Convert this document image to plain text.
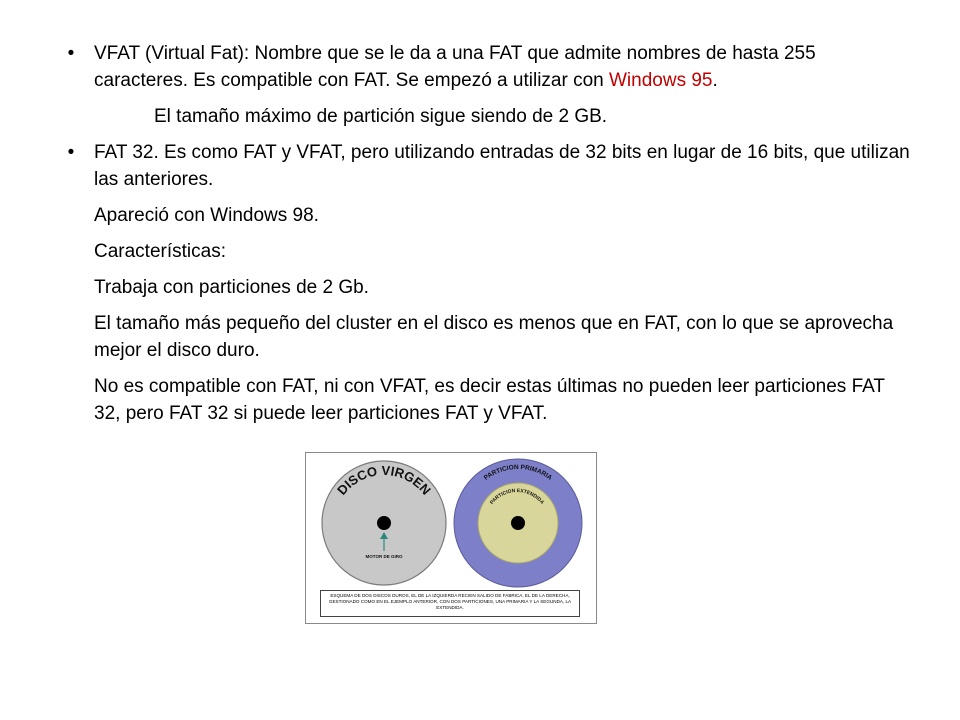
• VFAT (Virtual Fat): Nombre que se le da a una FAT que admite nombres de hasta 255 caracteres. Es compatible con FAT. Se empezó a utilizar con Windows 95.
El tamaño máximo de partición sigue siendo de 2 GB.
• FAT 32. Es como FAT y VFAT, pero utilizando entradas de 32 bits en lugar de 16 bits, que utilizan las anteriores.
Apareció con Windows 98.
Características:
Trabaja con particiones de 2 Gb.
El tamaño más pequeño del cluster en el disco es menos que en FAT, con lo que se aprovecha mejor el disco duro.
No es compatible con FAT, ni con VFAT, es decir estas últimas no pueden leer particiones FAT 32, pero FAT 32 si puede leer particiones FAT y VFAT.
DISCO VIRGEN
MOTOR DE GIRO
PARTICION PRIMARIA
PARTICION EXTENDIDA
ESQUEMA DE DOS DISCOS DUROS, EL DE LA IZQUIERDA RECIEN SALIDO DE FABRICA, EL DE LA DERECHA, GESTIONADO COMO EN EL EJEMPLO ANTERIOR, CON DOS PARTICIONES, UNA PRIMARIA Y LA SEGUNDA, LA EXTENDIDA.
